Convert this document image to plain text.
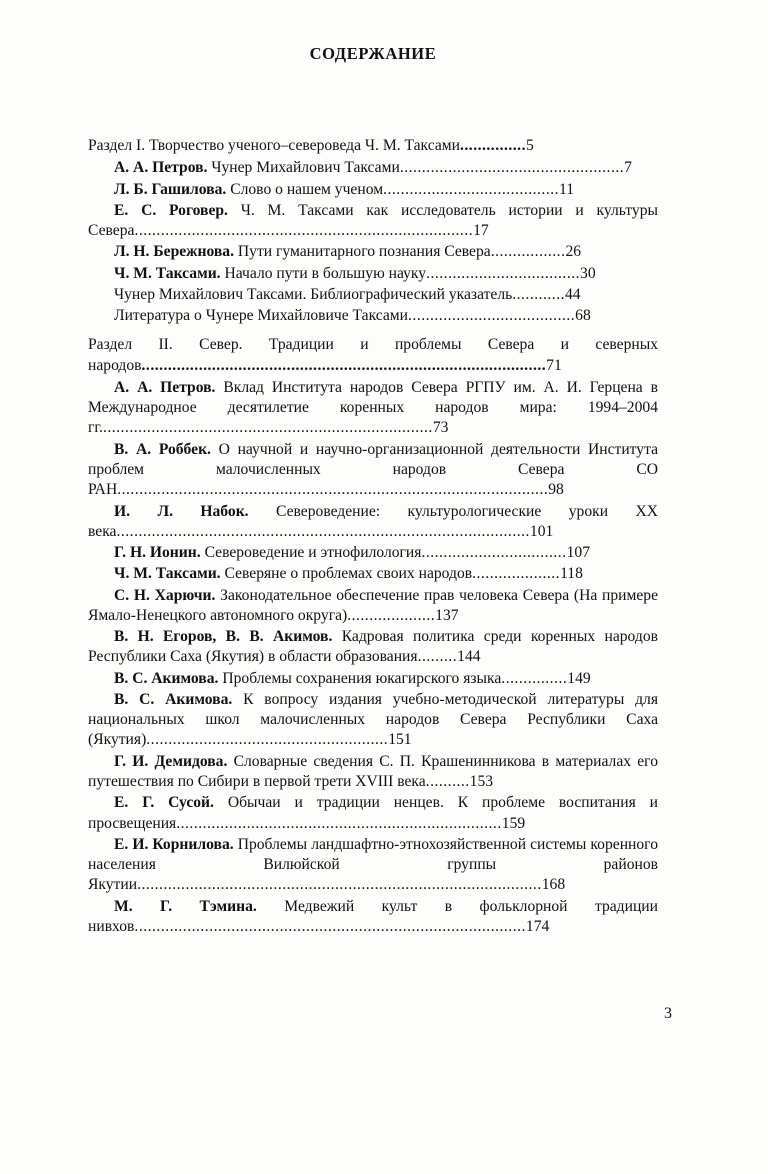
СОДЕРЖАНИЕ
Раздел I. Творчество ученого–североведа Ч. М. Таксами...............5
А. А. Петров. Чунер Михайлович Таксами...................................................7
Л. Б. Гашилова. Слово о нашем ученом........................................11
Е. С. Роговер. Ч. М. Таксами как исследователь истории и культуры Севера.............................................................................17
Л. Н. Бережнова. Пути гуманитарного познания Севера.................26
Ч. М. Таксами. Начало пути в большую науку...................................30
Чунер Михайлович Таксами. Библиографический указатель............44
Литература о Чунере Михайловиче Таксами......................................68
Раздел II. Север. Традиции и проблемы Севера и северных народов............................................................................................71
А. А. Петров. Вклад Института народов Севера РГПУ им. А. И. Герцена в Международное десятилетие коренных народов мира: 1994–2004 гг............................................................................73
В. А. Роббек. О научной и научно-организационной деятельности Института проблем малочисленных народов Севера СО РАН..................................................................................................98
И. Л. Набок. Североведение: культурологические уроки XX века..............................................................................................101
Г. Н. Ионин. Североведение и этнофилология.................................107
Ч. М. Таксами. Северяне о проблемах своих народов....................118
С. Н. Харючи. Законодательное обеспечение прав человека Севера (На примере Ямало-Ненецкого автономного округа)....................137
В. Н. Егоров, В. В. Акимов. Кадровая политика среди коренных народов Республики Саха (Якутия) в области образования.........144
В. С. Акимова. Проблемы сохранения юкагирского языка...............149
В. С. Акимова. К вопросу издания учебно-методической литературы для национальных школ малочисленных народов Севера Республики Саха (Якутия).......................................................151
Г. И. Демидова. Словарные сведения С. П. Крашенинникова в материалах его путешествия по Сибири в первой трети XVIII века..........153
Е. Г. Сусой. Обычаи и традиции ненцев. К проблеме воспитания и просвещения..........................................................................159
Е. И. Корнилова. Проблемы ландшафтно-этнохозяйственной системы коренного населения Вилюйской группы районов Якутии............................................................................................168
М. Г. Тэмина. Медвежий культ в фольклорной традиции нивхов.........................................................................................174
3
